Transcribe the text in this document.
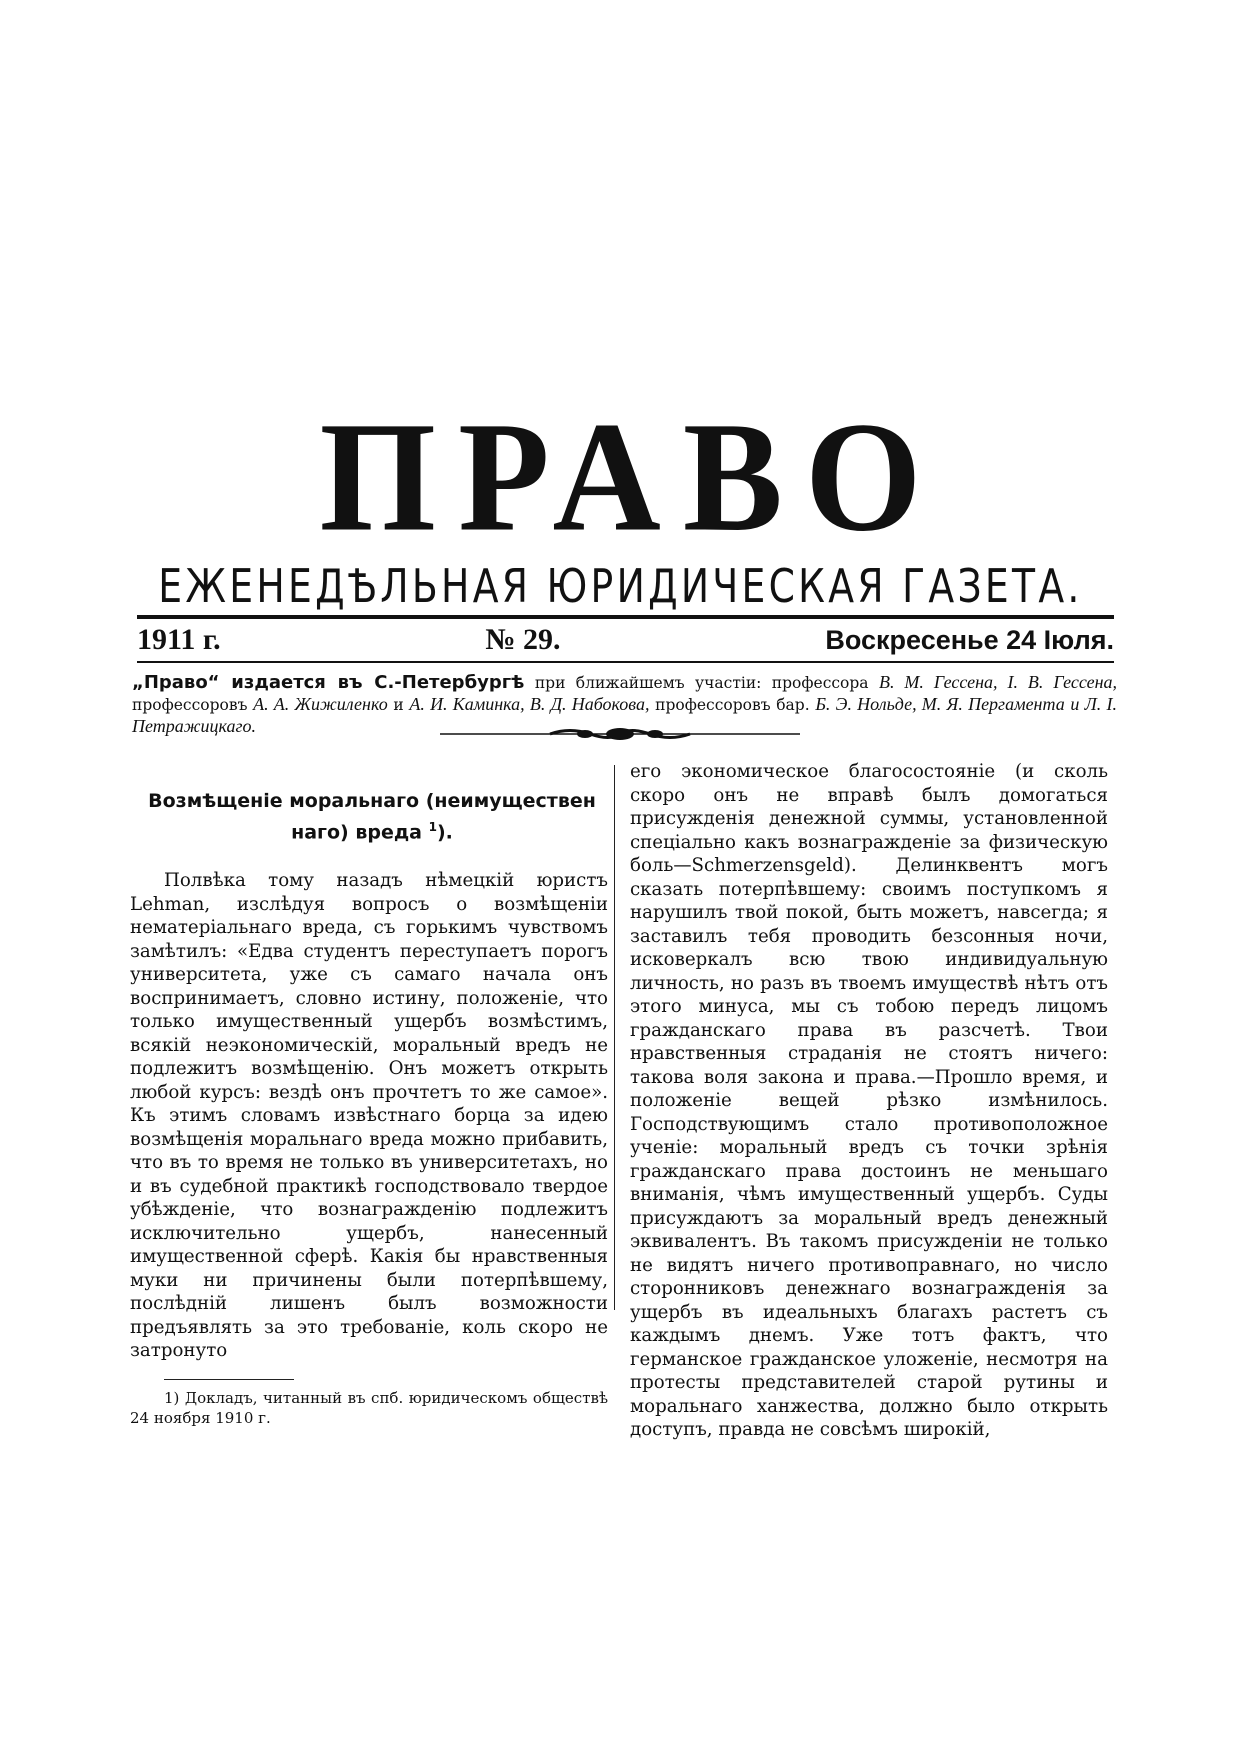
ПРАВО
ЕЖЕНЕДѢЛЬНАЯ ЮРИДИЧЕСКАЯ ГАЗЕТА.
1911 г.	№ 29.	Воскресенье 24 Іюля.
„Право“ издается въ С.-Петербургѣ при ближайшемъ участіи: профессора В. М. Гессена, І. В. Гессена, профессоровъ А. А. Жижиленко и А. И. Каминка, В. Д. Набокова, профессоровъ бар. Б. Э. Нольде, М. Я. Пергамента и Л. І. Петражицкаго.
Возмѣщеніе моральнаго (неимуществен наго) вреда $^1$).

Полвѣка тому назадъ нѣмецкій юристъ Lehman, изслѣдуя вопросъ о возмѣщеніи нематеріальнаго вреда, съ горькимъ чувствомъ замѣтилъ: «Едва студентъ переступаетъ порогъ университета, уже съ самаго начала онъ воспринимаетъ, словно истину, положеніе, что только имущественный ущербъ возмѣстимъ, всякій неэкономическій, моральный вредъ не подлежитъ возмѣщенію. Онъ можетъ открыть любой курсъ: вездѣ онъ прочтетъ то же самое». Къ этимъ словамъ извѣстнаго борца за идею возмѣщенія моральнаго вреда можно прибавить, что въ то время не только въ университетахъ, но и въ судебной практикѣ господствовало твердое убѣжденіе, что вознагражденію подлежитъ исключительно ущербъ, нанесенный имущественной сферѣ. Какія бы нравственныя муки ни причинены были потерпѣвшему, послѣдній лишенъ былъ возможности предъявлять за это требованіе, коль скоро не затронуто

1) Докладъ, читанный въ спб. юридическомъ обществѣ 24 ноября 1910 г.

его экономическое благосостояніе (и сколь скоро онъ не вправѣ былъ домогаться присужденія денежной суммы, установленной спеціально какъ вознагражденіе за физическую боль—Schmerzensgeld). Делинквентъ могъ сказать потерпѣвшему: своимъ поступкомъ я нарушилъ твой покой, быть можетъ, навсегда; я заставилъ тебя проводить безсонныя ночи, исковеркалъ всю твою индивидуальную личность, но разъ въ твоемъ имуществѣ нѣтъ отъ этого минуса, мы съ тобою передъ лицомъ гражданскаго права въ разсчетѣ. Твои нравственныя страданія не стоятъ ничего: такова воля закона и права.—Прошло время, и положеніе вещей рѣзко измѣнилось. Господствующимъ стало противоположное ученіе: моральный вредъ съ точки зрѣнія гражданскаго права достоинъ не меньшаго вниманія, чѣмъ имущественный ущербъ. Суды присуждаютъ за моральный вредъ денежный эквивалентъ. Въ такомъ присужденіи не только не видятъ ничего противоправнаго, но число сторонниковъ денежнаго вознагражденія за ущербъ въ идеальныхъ благахъ растетъ съ каждымъ днемъ. Уже тотъ фактъ, что германское гражданское уложеніе, несмотря на протесты представителей старой рутины и моральнаго ханжества, должно было открыть доступъ, правда не совсѣмъ широкій,
